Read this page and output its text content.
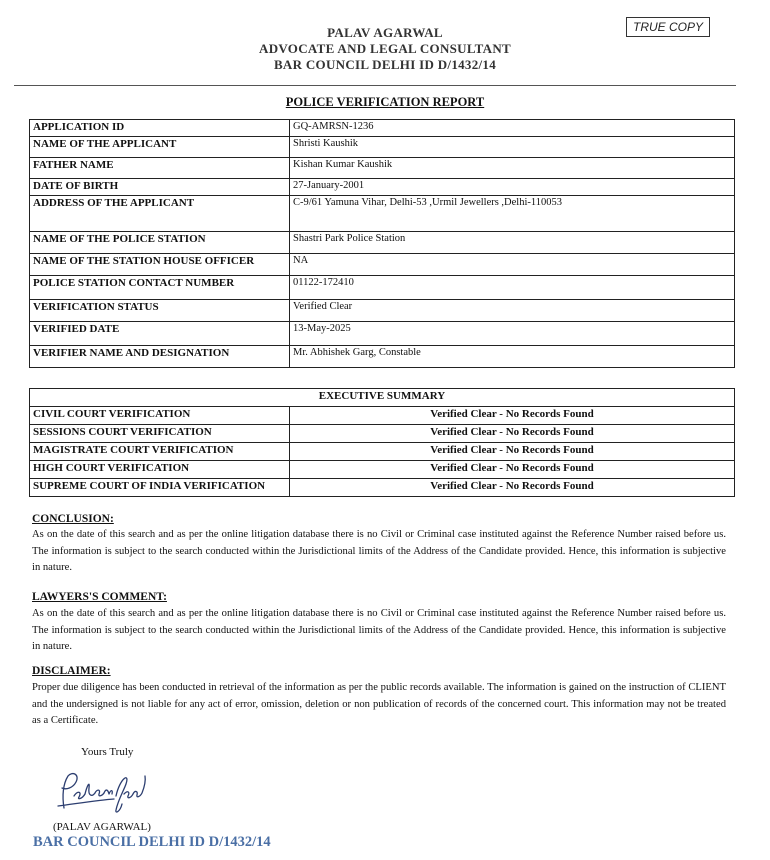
PALAV AGARWAL
ADVOCATE AND LEGAL CONSULTANT
BAR COUNCIL DELHI ID D/1432/14
TRUE COPY
POLICE VERIFICATION REPORT
APPLICATION ID	GQ-AMRSN-1236
NAME OF THE APPLICANT	Shristi Kaushik
FATHER NAME	Kishan Kumar Kaushik
DATE OF BIRTH	27-January-2001
ADDRESS OF THE APPLICANT	C-9/61 Yamuna Vihar, Delhi-53 ,Urmil Jewellers ,Delhi-110053
NAME OF THE POLICE STATION	Shastri Park Police Station
NAME OF THE STATION HOUSE OFFICER	NA
POLICE STATION CONTACT NUMBER	01122-172410
VERIFICATION STATUS	Verified Clear
VERIFIED DATE	13-May-2025
VERIFIER NAME AND DESIGNATION	Mr. Abhishek Garg, Constable
EXECUTIVE SUMMARY	
CIVIL COURT VERIFICATION	Verified Clear - No Records Found
SESSIONS COURT VERIFICATION	Verified Clear - No Records Found
MAGISTRATE COURT VERIFICATION	Verified Clear - No Records Found
HIGH COURT VERIFICATION	Verified Clear - No Records Found
SUPREME COURT OF INDIA VERIFICATION	Verified Clear - No Records Found
CONCLUSION:
As on the date of this search and as per the online litigation database there is no Civil or Criminal case instituted against the Reference Number raised before us. The information is subject to the search conducted within the Jurisdictional limits of the Address of the Candidate provided. Hence, this information is subjective in nature.
LAWYERS'S COMMENT:
As on the date of this search and as per the online litigation database there is no Civil or Criminal case instituted against the Reference Number raised before us. The information is subject to the search conducted within the Jurisdictional limits of the Address of the Candidate provided. Hence, this information is subjective in nature.
DISCLAIMER:
Proper due diligence has been conducted in retrieval of the information as per the public records available. The information is gained on the instruction of CLIENT and the undersigned is not liable for any act of error, omission, deletion or non publication of records of the concerned court. This information may not be treated as a Certificate.
Yours Truly
(PALAV AGARWAL)
BAR COUNCIL DELHI ID D/1432/14
